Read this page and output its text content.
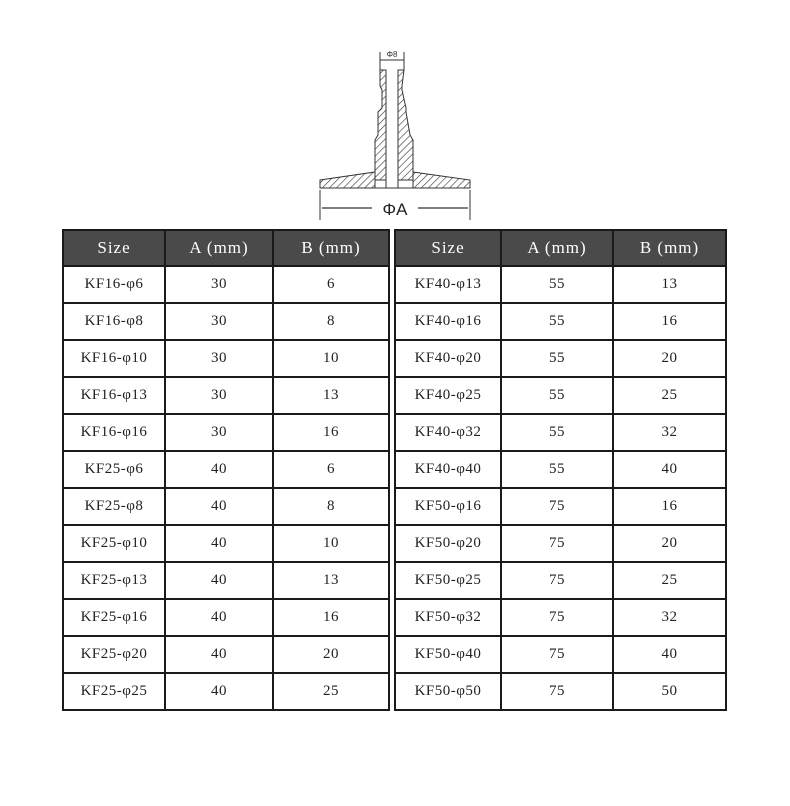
Φ8
ΦA
Size	A (mm)	B (mm)
KF16-φ6	30	6
KF16-φ8	30	8
KF16-φ10	30	10
KF16-φ13	30	13
KF16-φ16	30	16
KF25-φ6	40	6
KF25-φ8	40	8
KF25-φ10	40	10
KF25-φ13	40	13
KF25-φ16	40	16
KF25-φ20	40	20
KF25-φ25	40	25
Size	A (mm)	B (mm)
KF40-φ13	55	13
KF40-φ16	55	16
KF40-φ20	55	20
KF40-φ25	55	25
KF40-φ32	55	32
KF40-φ40	55	40
KF50-φ16	75	16
KF50-φ20	75	20
KF50-φ25	75	25
KF50-φ32	75	32
KF50-φ40	75	40
KF50-φ50	75	50
